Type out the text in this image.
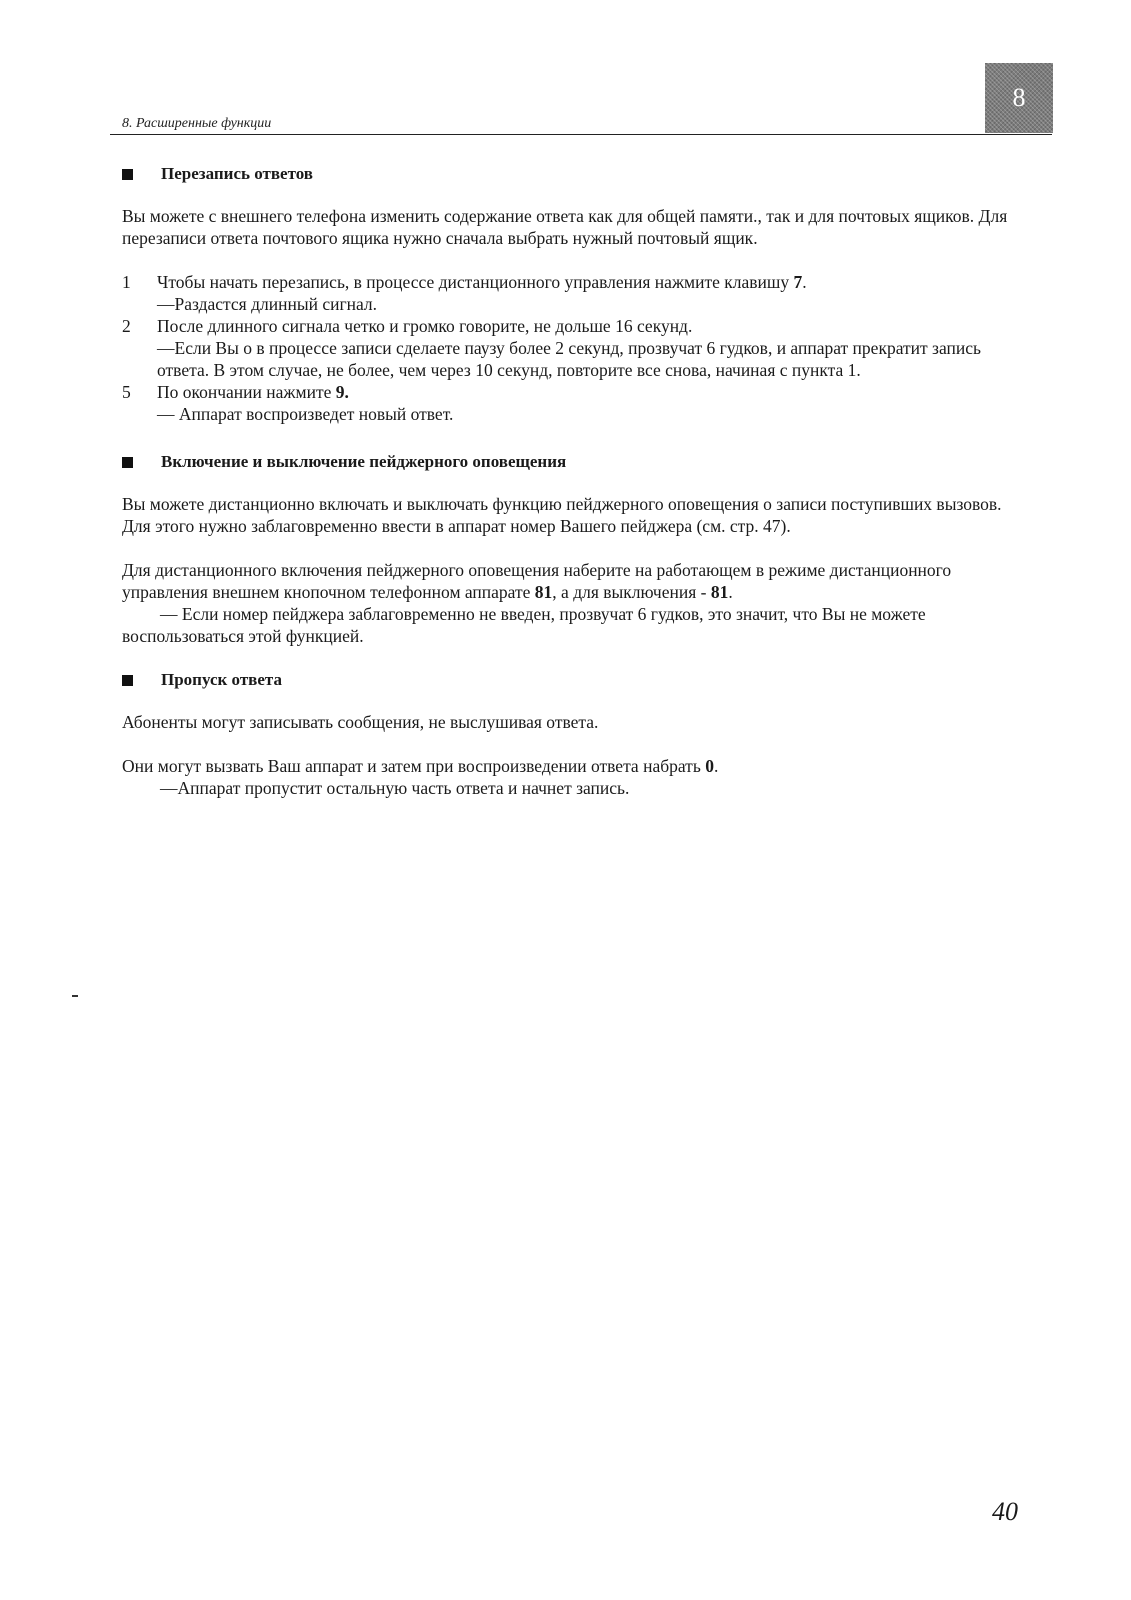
8. Расширенные функции
8
Перезапись ответов

Вы можете с внешнего телефона изменить содержание ответа как для общей памяти., так и для почтовых ящиков. Для перезаписи ответа почтового ящика нужно сначала выбрать нужный почтовый ящик.

1	Чтобы начать перезапись, в процессе дистанционного управления нажмите клавишу 7.

—Раздастся длинный сигнал.

2	После длинного сигнала четко и громко говорите, не дольше 16 секунд.

—Если Вы о в процессе записи сделаете паузу более 2 секунд, прозвучат 6 гудков, и аппарат прекратит запись ответа. В этом случае, не более, чем через 10 секунд, повторите все снова, начиная с пункта 1.

5	По окончании нажмите 9.

— Аппарат воспроизведет новый ответ.

Включение и выключение пейджерного оповещения

Вы можете дистанционно включать и выключать функцию пейджерного оповещения о записи поступивших вызовов. Для этого нужно заблаговременно ввести в аппарат номер Вашего пейджера (см. стр. 47).

Для дистанционного включения пейджерного оповещения наберите на работающем в режиме дистанционного управления внешнем кнопочном телефонном аппарате 81, а для выключения - 81.

— Если номер пейджера заблаговременно не введен, прозвучат 6 гудков, это значит, что Вы не можете воспользоваться этой функцией.

Пропуск ответа

Абоненты могут записывать сообщения, не выслушивая ответа.

Они могут вызвать Ваш аппарат и затем при воспроизведении ответа набрать 0.

—Аппарат пропустит остальную часть ответа и начнет запись.

40
